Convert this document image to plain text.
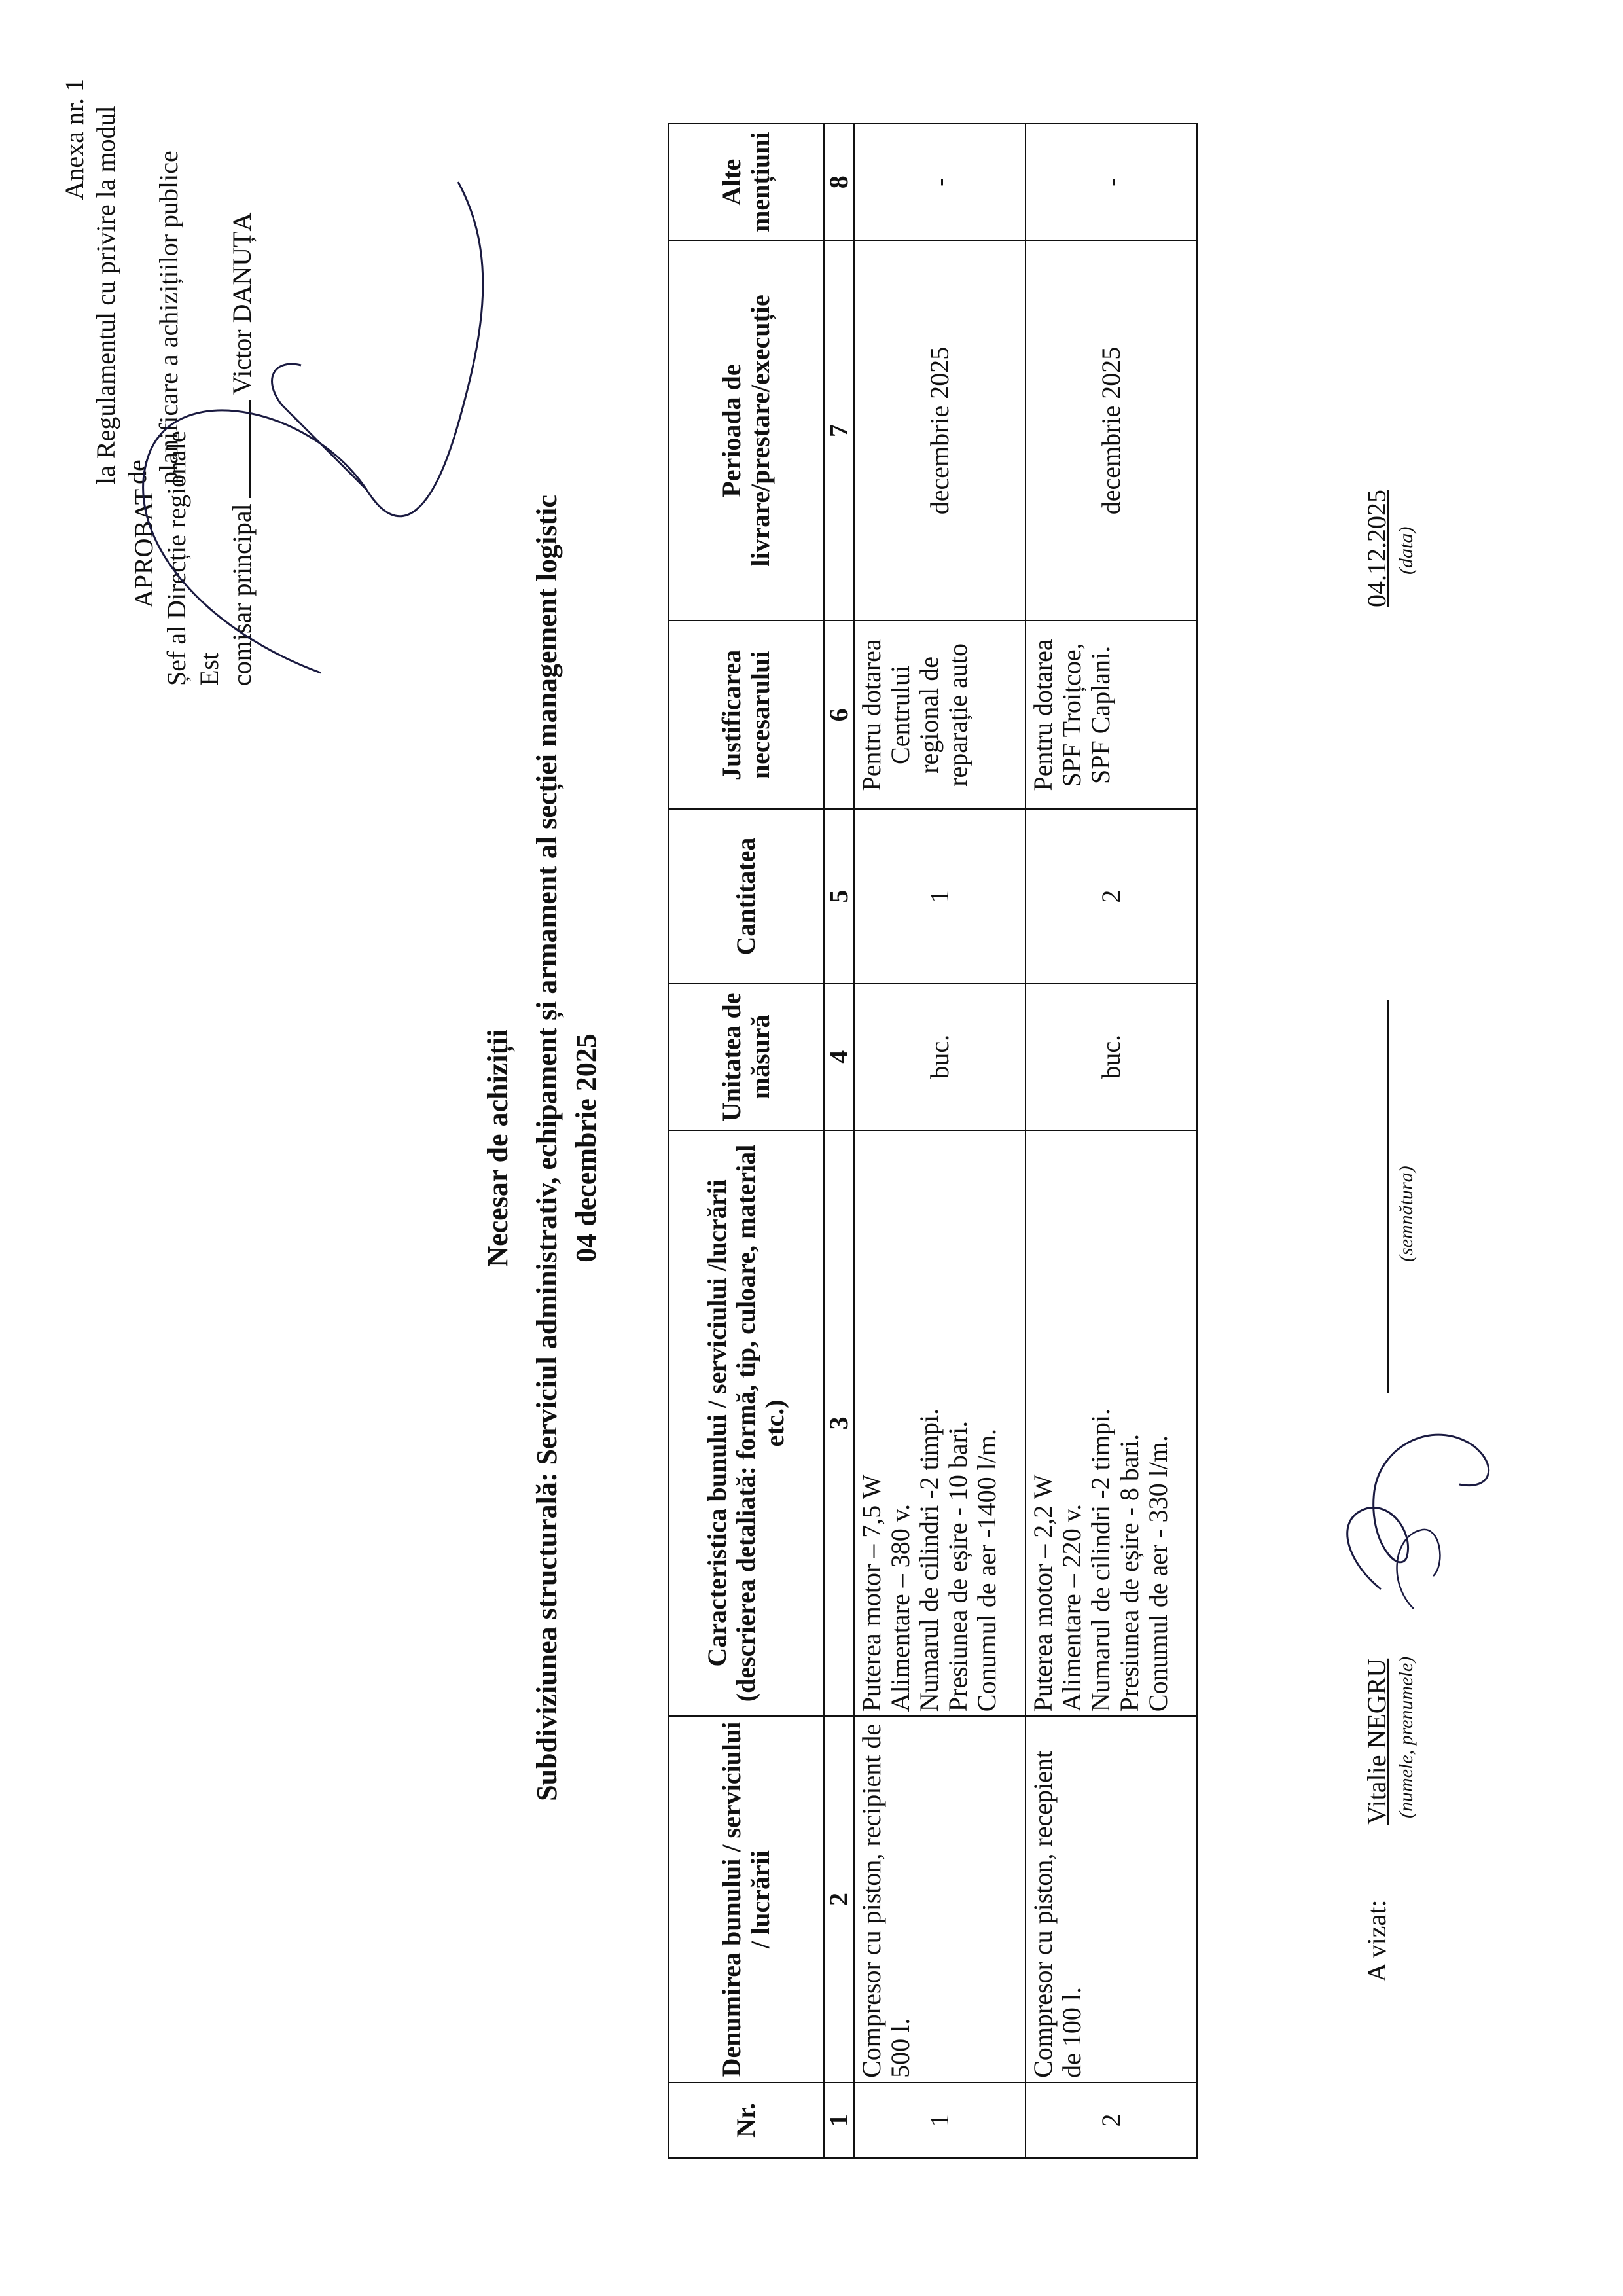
Anexa nr. 1 la Regulamentul cu privire la modul de planificare a achizițiilor publice
APROBAT Șef al Direcție regionale Est comisar principalVictor DANUȚA
Necesar de achiziții Subdiviziunea structurală: Serviciul administrativ, echipament și armament al secției management logistic 04 decembrie 2025
Nr.	Denumirea bunului / serviciului / lucrării	Caracteristica bunului / serviciului /lucrării (descrierea detaliată: formă, tip, culoare, material etc.)	Unitatea de măsură	Cantitatea	Justificarea necesarului	Perioada de livrare/prestare/execuție	Alte mențiuni
1	2	3	4	5	6	7	8
1	Compresor cu piston, recipient de 500 l.	Puterea motor – 7,5 W Alimentare – 380 v. Numarul de cilindri -2 timpi. Presiunea de eșire - 10 bari. Conumul de aer -1400 l/m.	buc.	1	Pentru dotarea Centrului regional de reparație auto	decembrie 2025	-
2	Compresor cu piston, recepient de 100 l.	Puterea motor – 2,2 W Alimentare – 220 v. Numarul de cilindri -2 timpi. Presiunea de eșire - 8 bari. Conumul de aer - 330 l/m.	buc.	2	Pentru dotarea SPF Troițcoe, SPF Caplani.	decembrie 2025	-
A vizat:
Vitalie NEGRU (numele, prenumele)
(semnătura)
04.12.2025 (data)
